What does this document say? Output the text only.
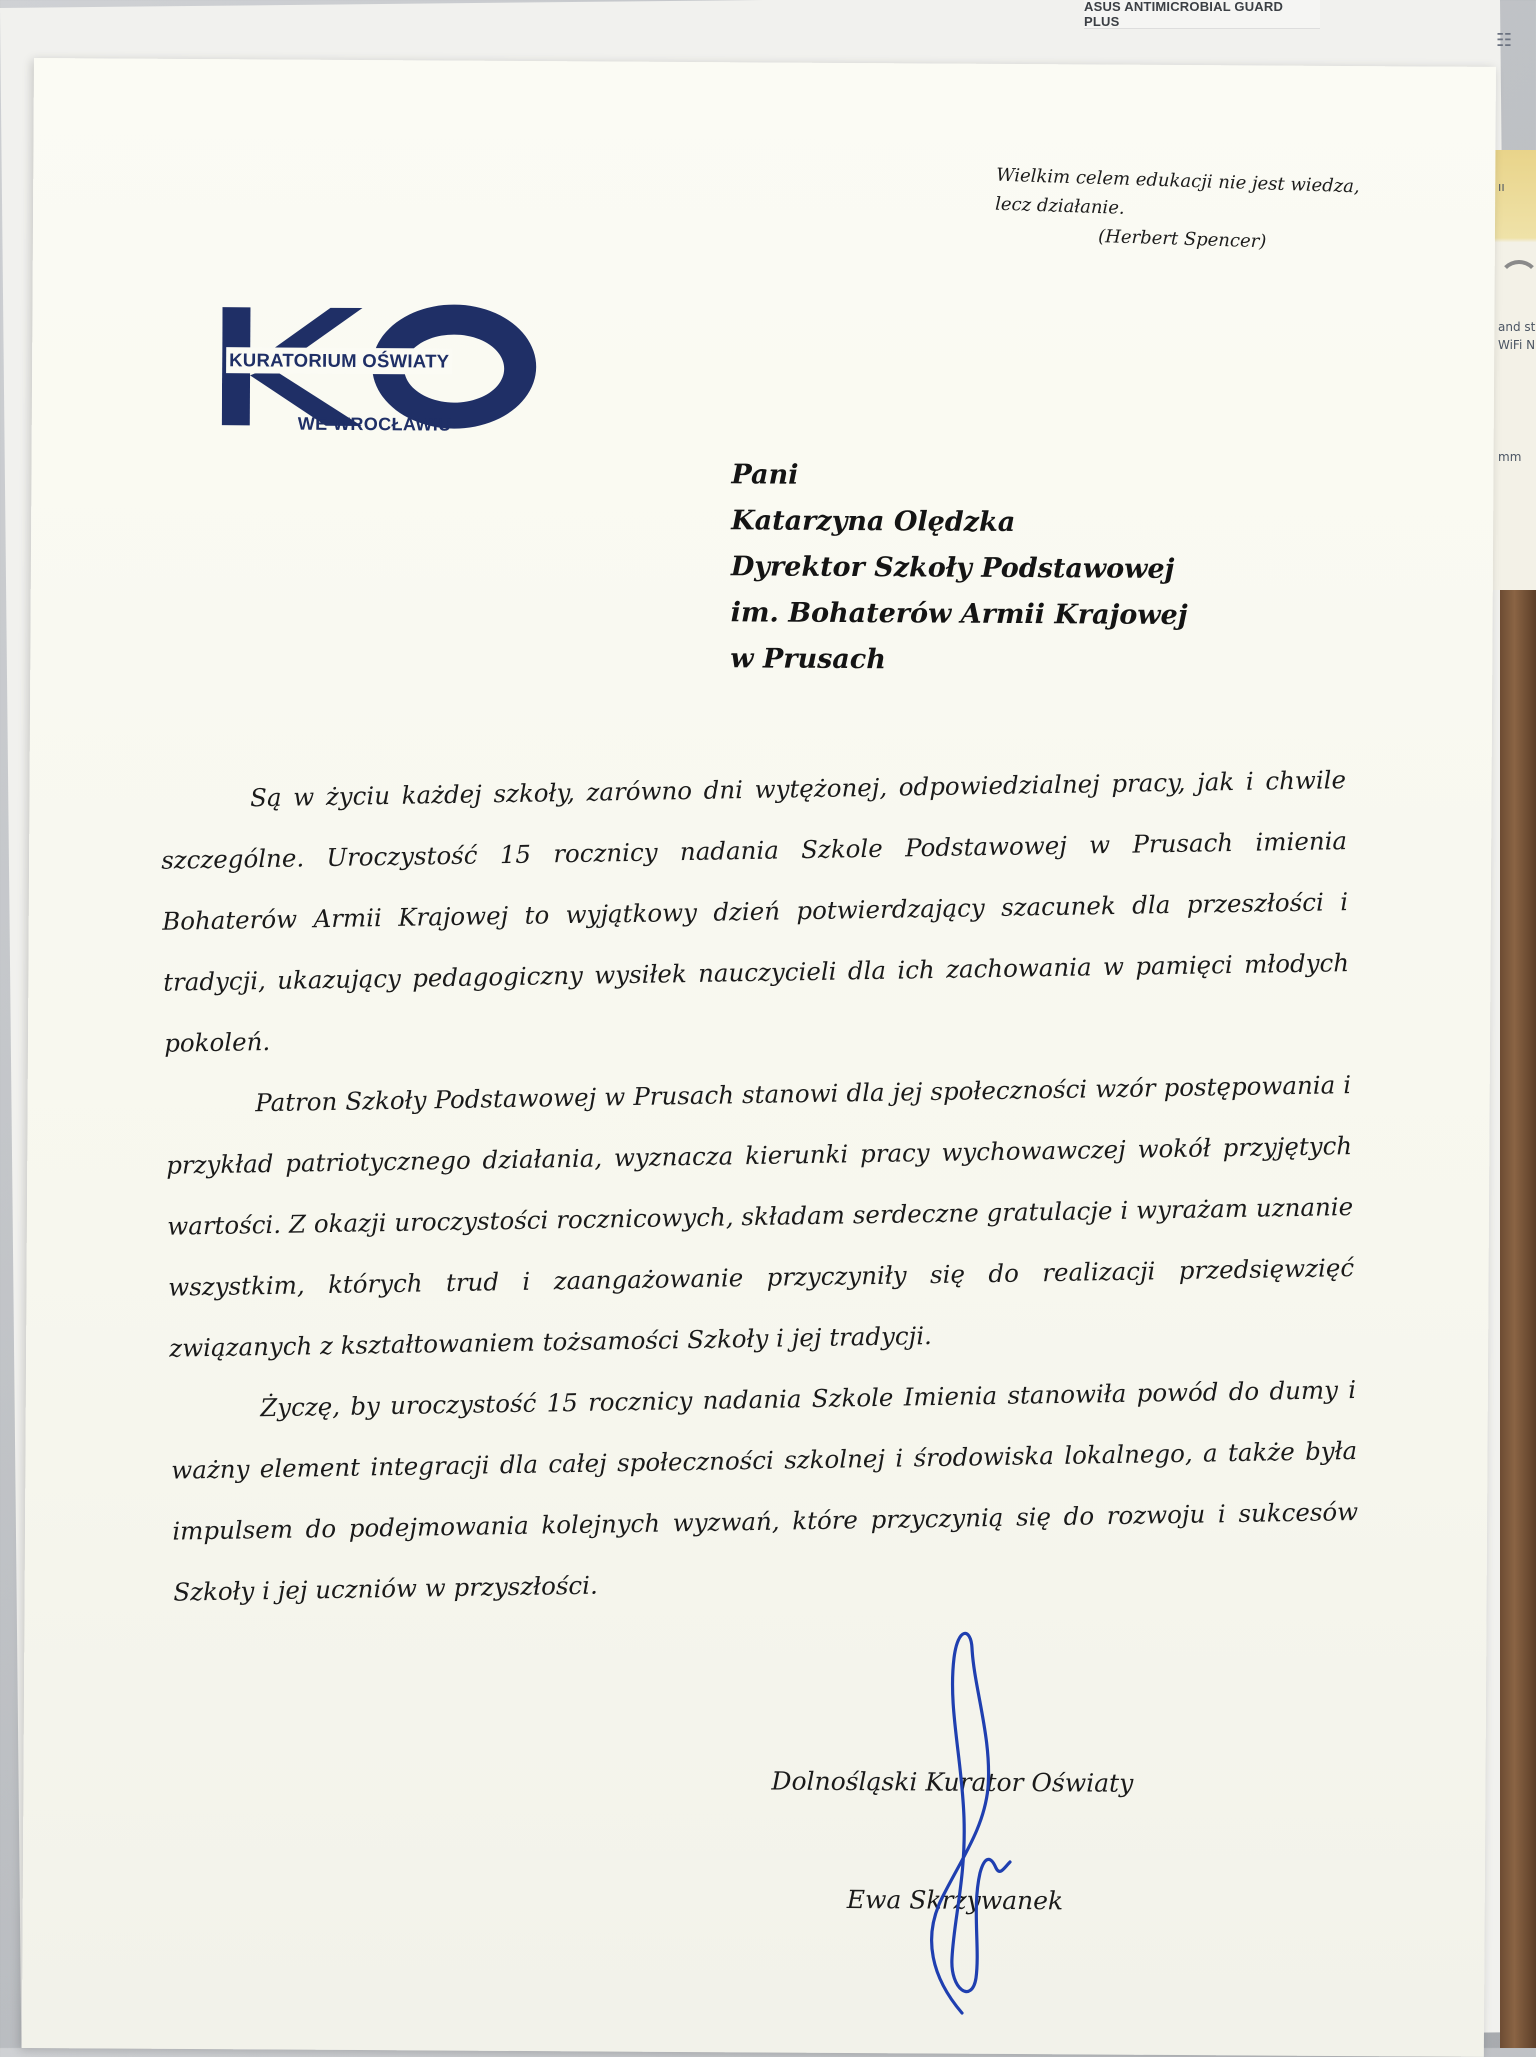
ıı
and st
WiFi N
mm
ASUS ANTIMICROBIAL GUARD PLUS
☷
Wielkim celem edukacji nie jest wiedza,
lecz działanie.

(Herbert Spencer)
KURATORIUM OŚWIATY
WE WROCŁAWIU
Pani
Katarzyna Olędzka
Dyrektor Szkoły Podstawowej
im. Bohaterów Armii Krajowej
w Prusach

Są w życiu każdej szkoły, zarówno dni wytężonej, odpowiedzialnej pracy, jak i chwile szczególne. Uroczystość 15 rocznicy nadania Szkole Podstawowej w Prusach imienia Bohaterów Armii Krajowej to wyjątkowy dzień potwierdzający szacunek dla przeszłości i tradycji, ukazujący pedagogiczny wysiłek nauczycieli dla ich zachowania w pamięci młodych pokoleń.

Patron Szkoły Podstawowej w Prusach stanowi dla jej społeczności wzór postępowania i przykład patriotycznego działania, wyznacza kierunki pracy wychowawczej wokół przyjętych wartości. Z okazji uroczystości rocznicowych, składam serdeczne gratulacje i wyrażam uznanie wszystkim, których trud i zaangażowanie przyczyniły się do realizacji przedsięwzięć związanych z kształtowaniem tożsamości Szkoły i jej tradycji.

Życzę, by uroczystość 15 rocznicy nadania Szkole Imienia stanowiła powód do dumy i ważny element integracji dla całej społeczności szkolnej i środowiska lokalnego, a także była impulsem do podejmowania kolejnych wyzwań, które przyczynią się do rozwoju i sukcesów Szkoły i jej uczniów w przyszłości.

Dolnośląski Kurator Oświaty
Ewa Skrzywanek
